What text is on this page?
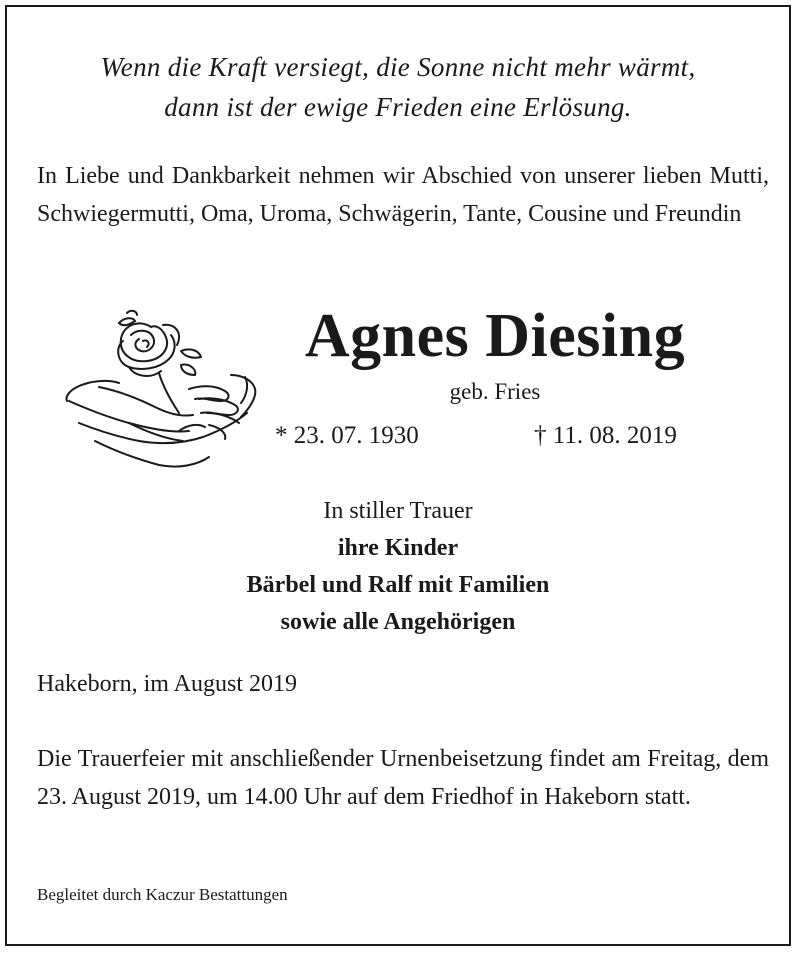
Wenn die Kraft versiegt, die Sonne nicht mehr wärmt,
dann ist der ewige Frieden eine Erlösung.
In Liebe und Dankbarkeit nehmen wir Abschied von unserer lieben Mutti, Schwiegermutti, Oma, Uroma, Schwägerin, Tante, Cousine und Freundin
Agnes Diesing
geb. Fries
* 23. 07. 1930	† 11. 08. 2019
In stiller Trauer
ihre Kinder
Bärbel und Ralf mit Familien
sowie alle Angehörigen
Hakeborn, im August 2019
Die Trauerfeier mit anschließender Urnenbeisetzung findet am Freitag, dem 23. August 2019, um 14.00 Uhr auf dem Friedhof in Hakeborn statt.
Begleitet durch Kaczur Bestattungen
